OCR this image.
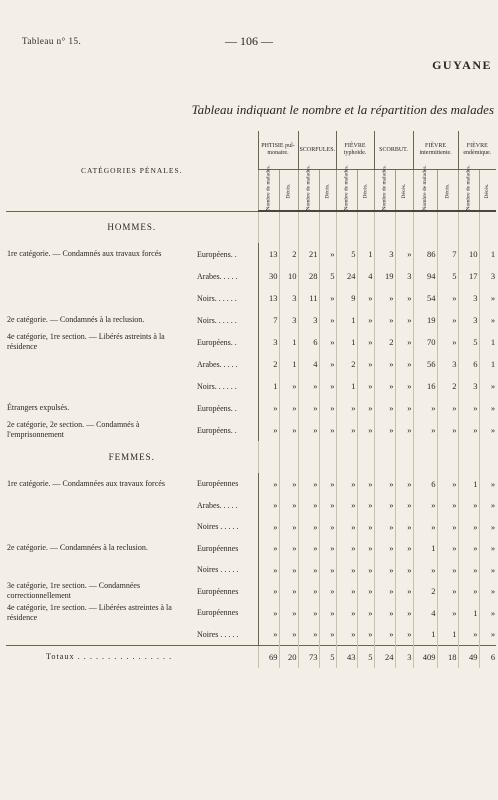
Tableau n° 15.	— 106 —
GUYANE
Tableau indiquant le nombre et la répartition des malades
CATÉGORIES PÉNALES.		PHTISIE pul- monaire.		SCORFULES.		FIÈVRE typhoïde.		SCORBUT.		FIÈVRE intermittente.		FIÈVRE endémique.	
		Nombre de malades.	Décès.	Nombre de malades.	Décès.	Nombre de malades.	Décès.	Nombre de malades.	Décès.	Nombre de malades.	Décès.	Nombre de malades.	Décès.
HOMMES.													
1re catégorie. — Condamnés aux travaux forcés	Européens. .	13	2	21	»	5	1	3	»	86	7	10	1
	Arabes. . . . .	30	10	28	5	24	4	19	3	94	5	17	3
	Noirs. . . . . .	13	3	11	»	9	»	»	»	54	»	3	»
2e catégorie. — Condamnés à la reclusion.	Noirs. . . . . .	7	3	3	»	1	»	»	»	19	»	3	»
4e catégorie, 1re section. — Libérés astreints à la résidence	Européens. .	3	1	6	»	1	»	2	»	70	»	5	1
	Arabes. . . . .	2	1	4	»	2	»	»	»	56	3	6	1
	Noirs. . . . . .	1	»	»	»	1	»	»	»	16	2	3	»
Étrangers expulsés.	Européens. .	»	»	»	»	»	»	»	»	»	»	»	»
2e catégorie, 2e section. — Condamnés à l'emprisonnement	Européens. .	»	»	»	»	»	»	»	»	»	»	»	»
FEMMES.													
1re catégorie. — Condamnées aux travaux forcés	Européennes	»	»	»	»	»	»	»	»	6	»	1	»
	Arabes. . . . .	»	»	»	»	»	»	»	»	»	»	»	»
	Noires . . . . .	»	»	»	»	»	»	»	»	»	»	»	»
2e catégorie. — Condamnées à la reclusion.	Européennes	»	»	»	»	»	»	»	»	1	»	»	»
	Noires . . . . .	»	»	»	»	»	»	»	»	»	»	»	»
3e catégorie, 1re section. — Condamnées correctionnellement	Européennes	»	»	»	»	»	»	»	»	2	»	»	»
4e catégorie, 1re section. — Libérées astreintes à la résidence	Européennes	»	»	»	»	»	»	»	»	4	»	1	»
	Noires . . . . .	»	»	»	»	»	»	»	»	1	1	»	»
Totaux . . . . . . . . . . . . . . . .		69	20	73	5	43	5	24	3	409	18	49	6
